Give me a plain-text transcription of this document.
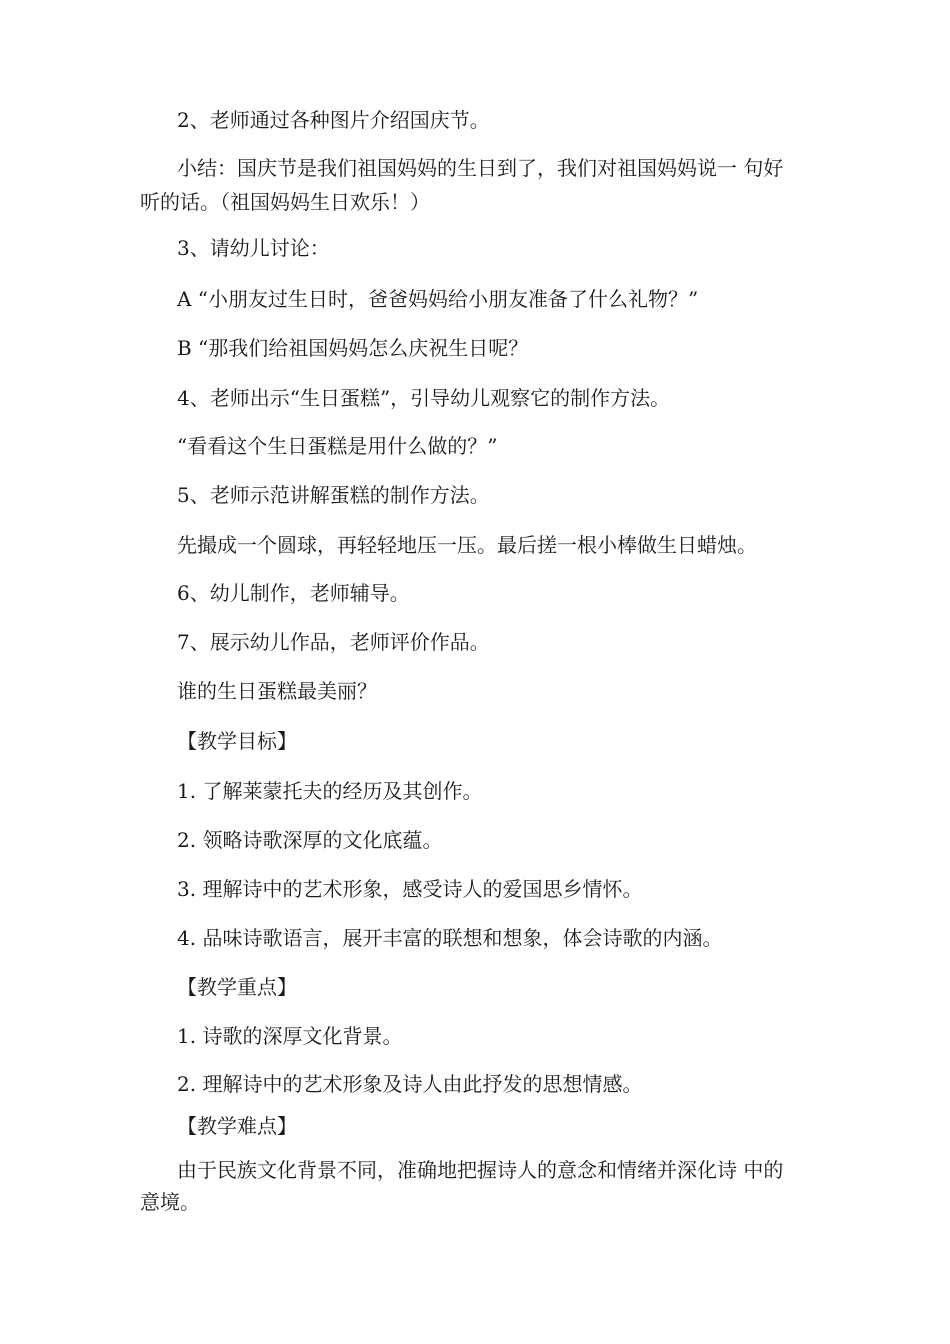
2、老师通过各种图片介绍国庆节。
小结：国庆节是我们祖国妈妈的生日到了，我们对祖国妈妈说一 句好
听的话。（祖国妈妈生日欢乐！）
3、请幼儿讨论：
A “小朋友过生日时，爸爸妈妈给小朋友准备了什么礼物？”
B “那我们给祖国妈妈怎么庆祝生日呢？
4、老师出示“生日蛋糕”，引导幼儿观察它的制作方法。
“看看这个生日蛋糕是用什么做的？”
5、老师示范讲解蛋糕的制作方法。
先撮成一个圆球，再轻轻地压一压。最后搓一根小棒做生日蜡烛。
6、幼儿制作，老师辅导。
7、展示幼儿作品，老师评价作品。
谁的生日蛋糕最美丽？
【教学目标】
1. 了解莱蒙托夫的经历及其创作。
2. 领略诗歌深厚的文化底蕴。
3. 理解诗中的艺术形象，感受诗人的爱国思乡情怀。
4. 品味诗歌语言，展开丰富的联想和想象，体会诗歌的内涵。
【教学重点】
1. 诗歌的深厚文化背景。
2. 理解诗中的艺术形象及诗人由此抒发的思想情感。
【教学难点】
由于民族文化背景不同，准确地把握诗人的意念和情绪并深化诗 中的
意境。
